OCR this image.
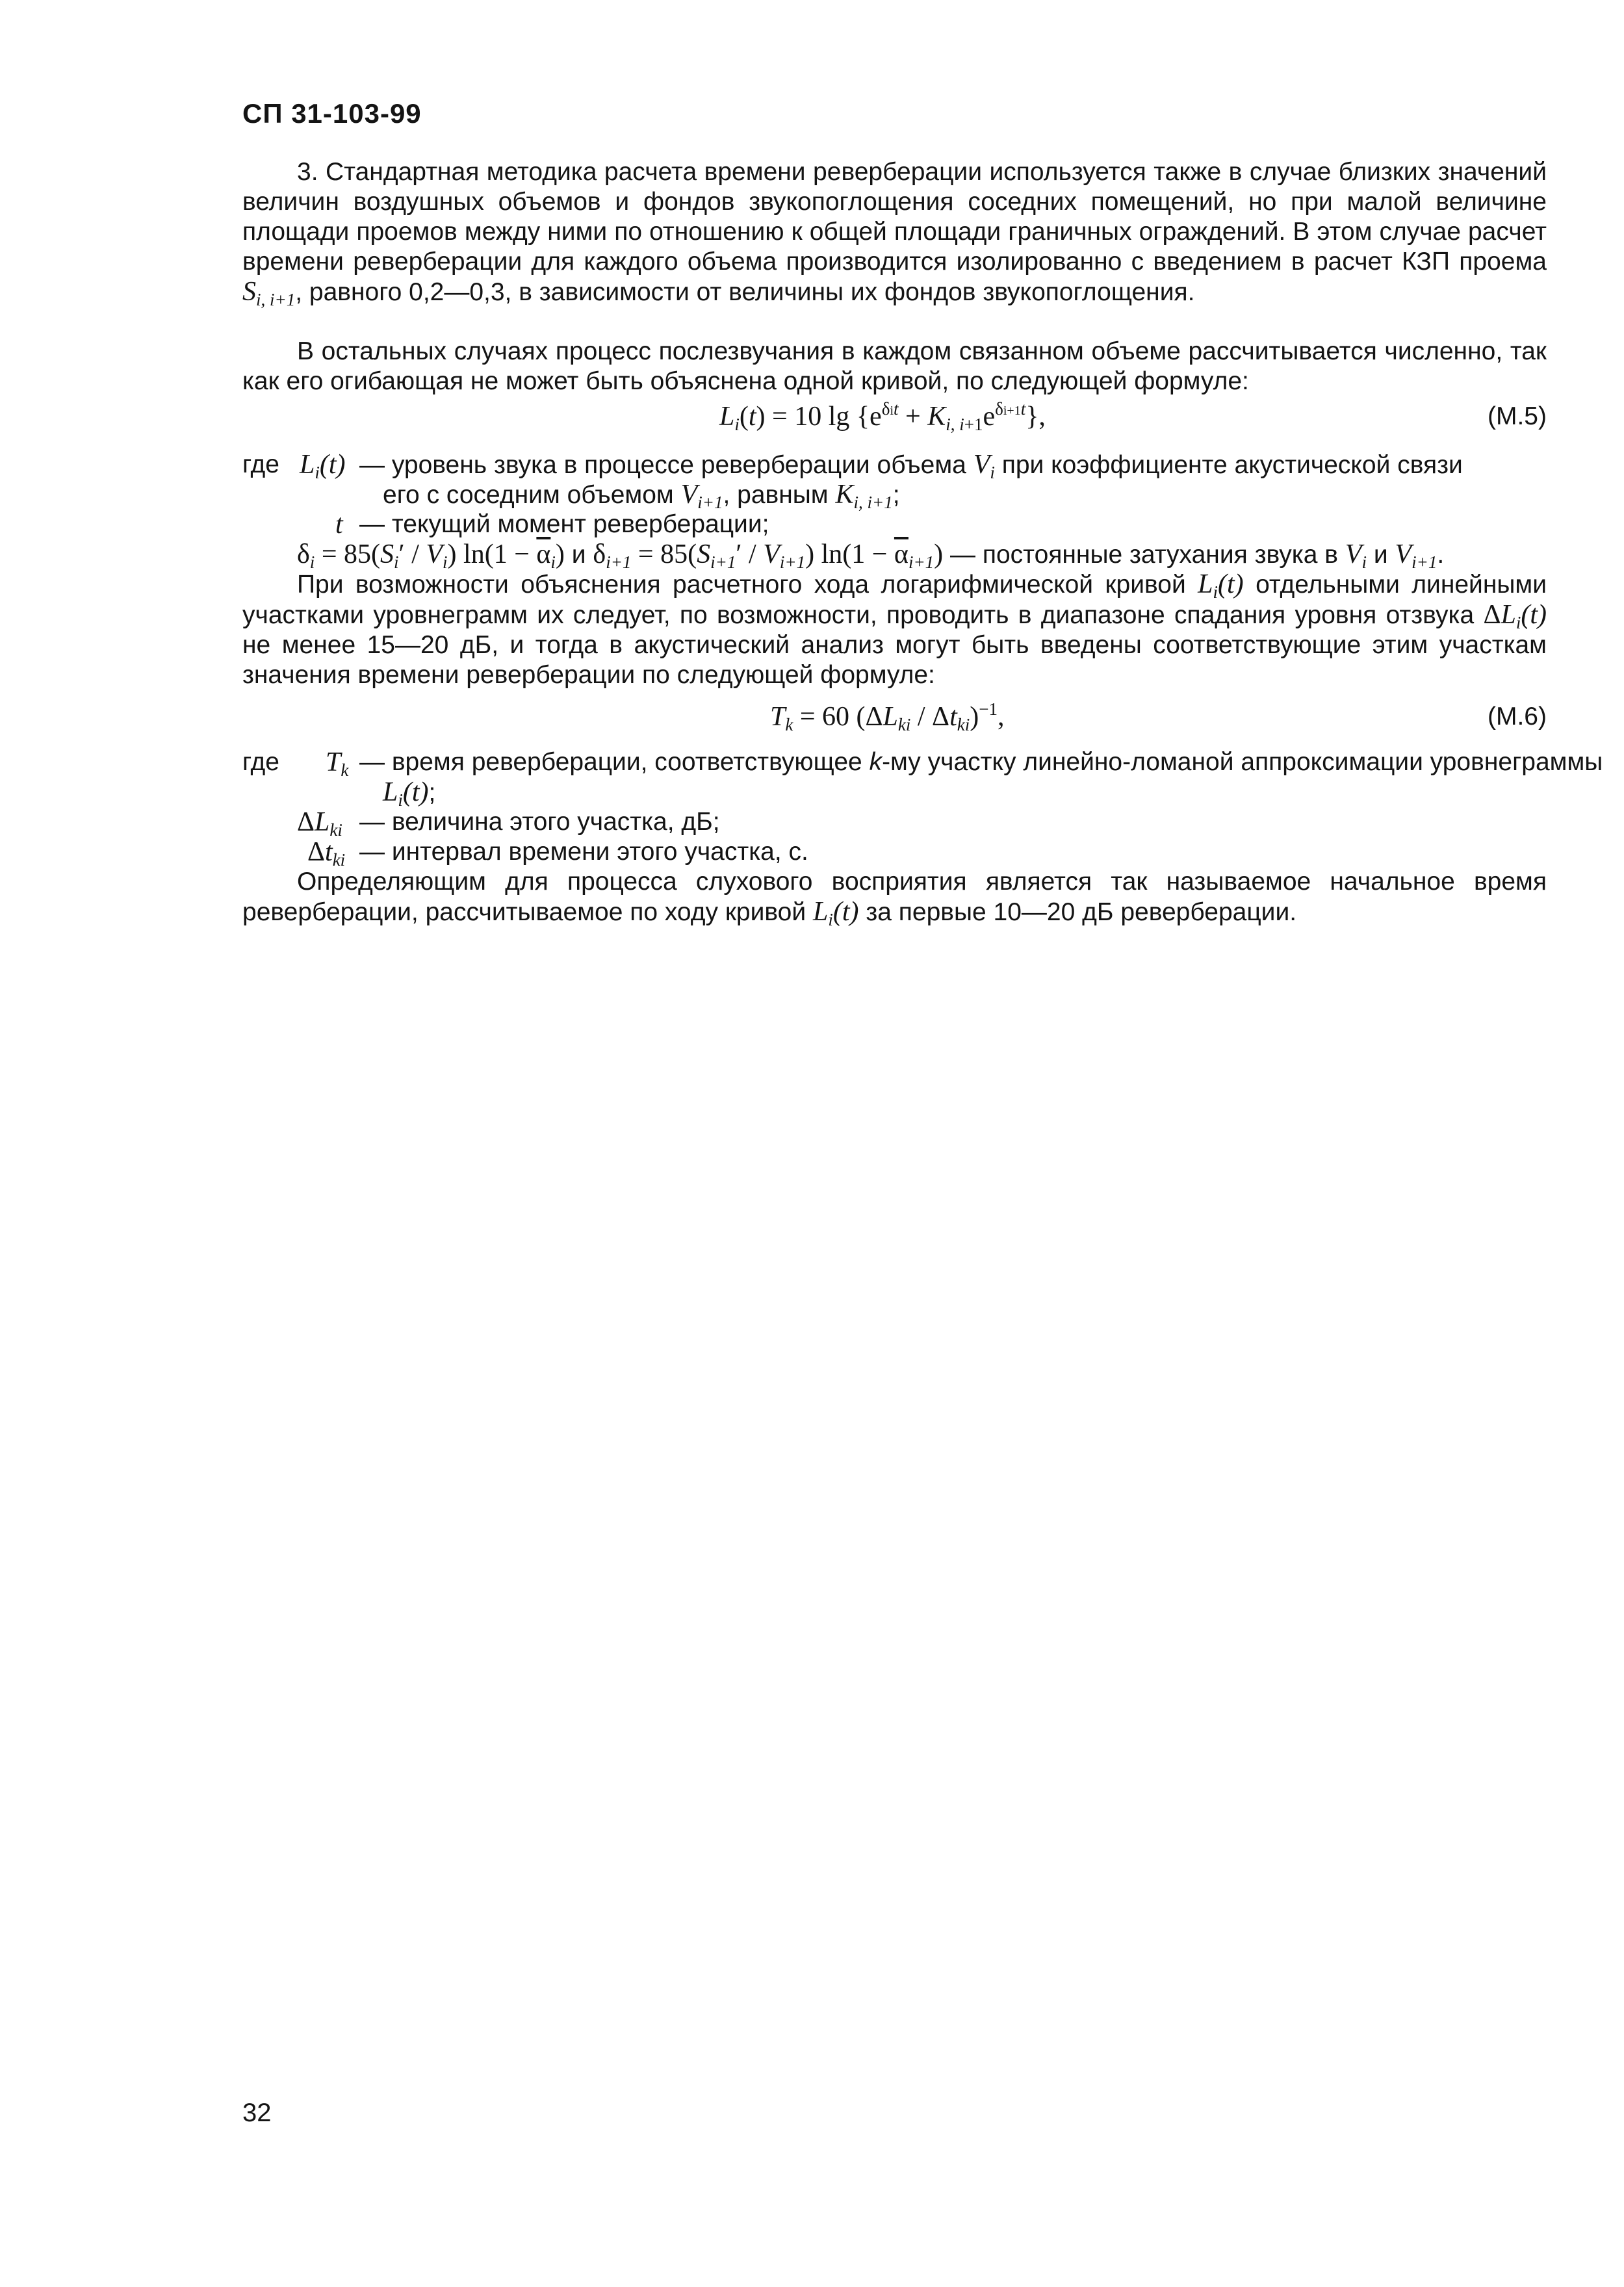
СП 31-103-99

3. Стандартная методика расчета времени реверберации используется также в случае близких значений величин воздушных объемов и фондов звукопоглощения соседних помещений, но при малой величине площади проемов между ними по отношению к общей площади граничных ограждений. В этом случае расчет времени реверберации для каждого объема производится изолированно с введением в расчет КЗП проема $S_{i, i+1}$, равного 0,2—0,3, в зависимости от величины их фондов звукопоглощения.

В остальных случаях процесс послезвучания в каждом связанном объеме рассчитывается численно, так как его огибающая не может быть объяснена одной кривой, по следующей формуле:

$L_i(t) = 10$ $\lg \{e^{\delta it} + K_{i, i+1}e^{\delta i+1t}\}$,	(М.5)
где $L_i(t)$ — уровень звука в процессе реверберации объема $V_i$ при коэффициенте акустической связи
его с соседним объемом $V_{i+1}$, равным $K_{i, i+1}$;
t — текущий момент реверберации;
$\delta_i = 85(S_i' / V_i) \ln(1 - \overline{\alpha}_i)$ и $\delta_{i+1} = 85(S_{i+1}' / V_{i+1}) \ln(1 - \overline{\alpha}_{i+1})$ — постоянные затухания звука в $V_i$ и $V_{i+1}$.

При возможности объяснения расчетного хода логарифмической кривой $L_i(t)$ отдельными линейными участками уровнеграмм их следует, по возможности, проводить в диапазоне спадания уровня отзвука $\Delta L_i(t)$ не менее 15—20 дБ, и тогда в акустический анализ могут быть введены соответствующие этим участкам значения времени реверберации по следующей формуле:

$T_k = 60$ $(\Delta L_{ki} / \Delta t_{ki})^{-1}$,	(М.6)
где $T_k$ — время реверберации, соответствующее k-му участку линейно-ломаной аппроксимации уровнеграммы
$L_i(t)$;
$\Delta L_{ki}$ — величина этого участка, дБ;
$\Delta t_{ki}$ — интервал времени этого участка, с.

Определяющим для процесса слухового восприятия является так называемое начальное время реверберации, рассчитываемое по ходу кривой $L_i(t)$ за первые 10—20 дБ реверберации.

32
